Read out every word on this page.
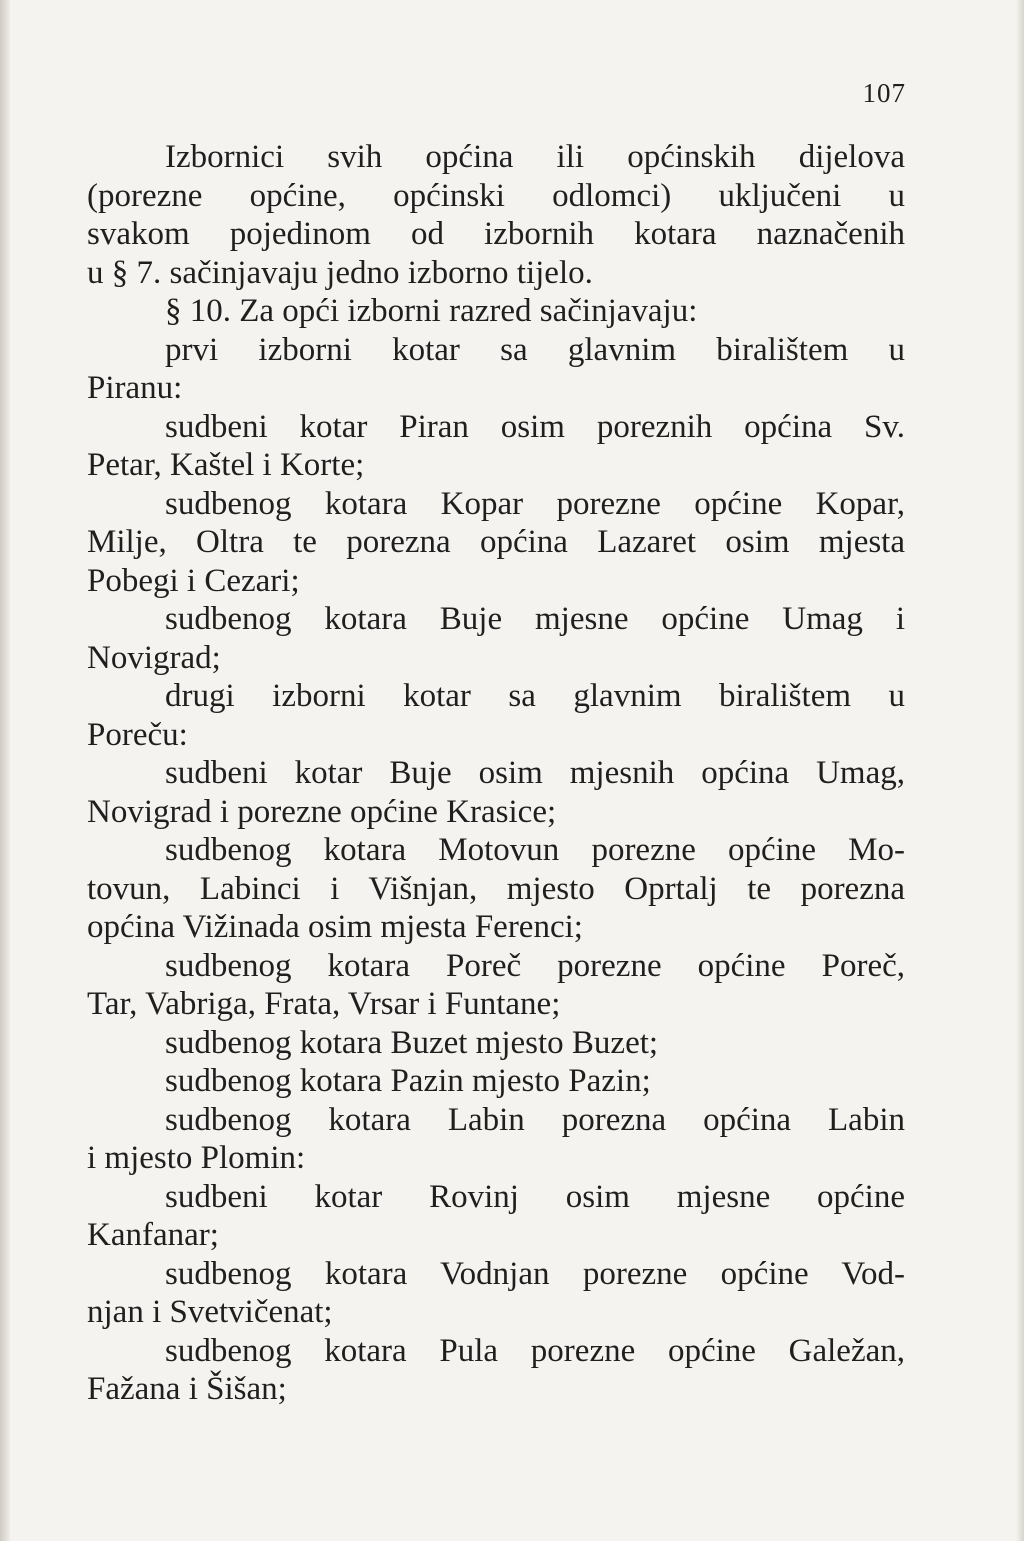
107
Izbornici svih općina ili općinskih dijelova
(porezne općine, općinski odlomci) uključeni u
svakom pojedinom od izbornih kotara naznačenih
u § 7. sačinjavaju jedno izborno tijelo.
§ 10. Za opći izborni razred sačinjavaju:
prvi izborni kotar sa glavnim biralištem u
Piranu:
sudbeni kotar Piran osim poreznih općina Sv.
Petar, Kaštel i Korte;
sudbenog kotara Kopar porezne općine Kopar,
Milje, Oltra te porezna općina Lazaret osim mjesta
Pobegi i Cezari;
sudbenog kotara Buje mjesne općine Umag i
Novigrad;
drugi izborni kotar sa glavnim biralištem u
Poreču:
sudbeni kotar Buje osim mjesnih općina Umag,
Novigrad i porezne općine Krasice;
sudbenog kotara Motovun porezne općine Mo-
tovun, Labinci i Višnjan, mjesto Oprtalj te porezna
općina Vižinada osim mjesta Ferenci;
sudbenog kotara Poreč porezne općine Poreč,
Tar, Vabriga, Frata, Vrsar i Funtane;
sudbenog kotara Buzet mjesto Buzet;
sudbenog kotara Pazin mjesto Pazin;
sudbenog kotara Labin porezna općina Labin
i mjesto Plomin:
sudbeni kotar Rovinj osim mjesne općine
Kanfanar;
sudbenog kotara Vodnjan porezne općine Vod-
njan i Svetvičenat;
sudbenog kotara Pula porezne općine Galežan,
Fažana i Šišan;
